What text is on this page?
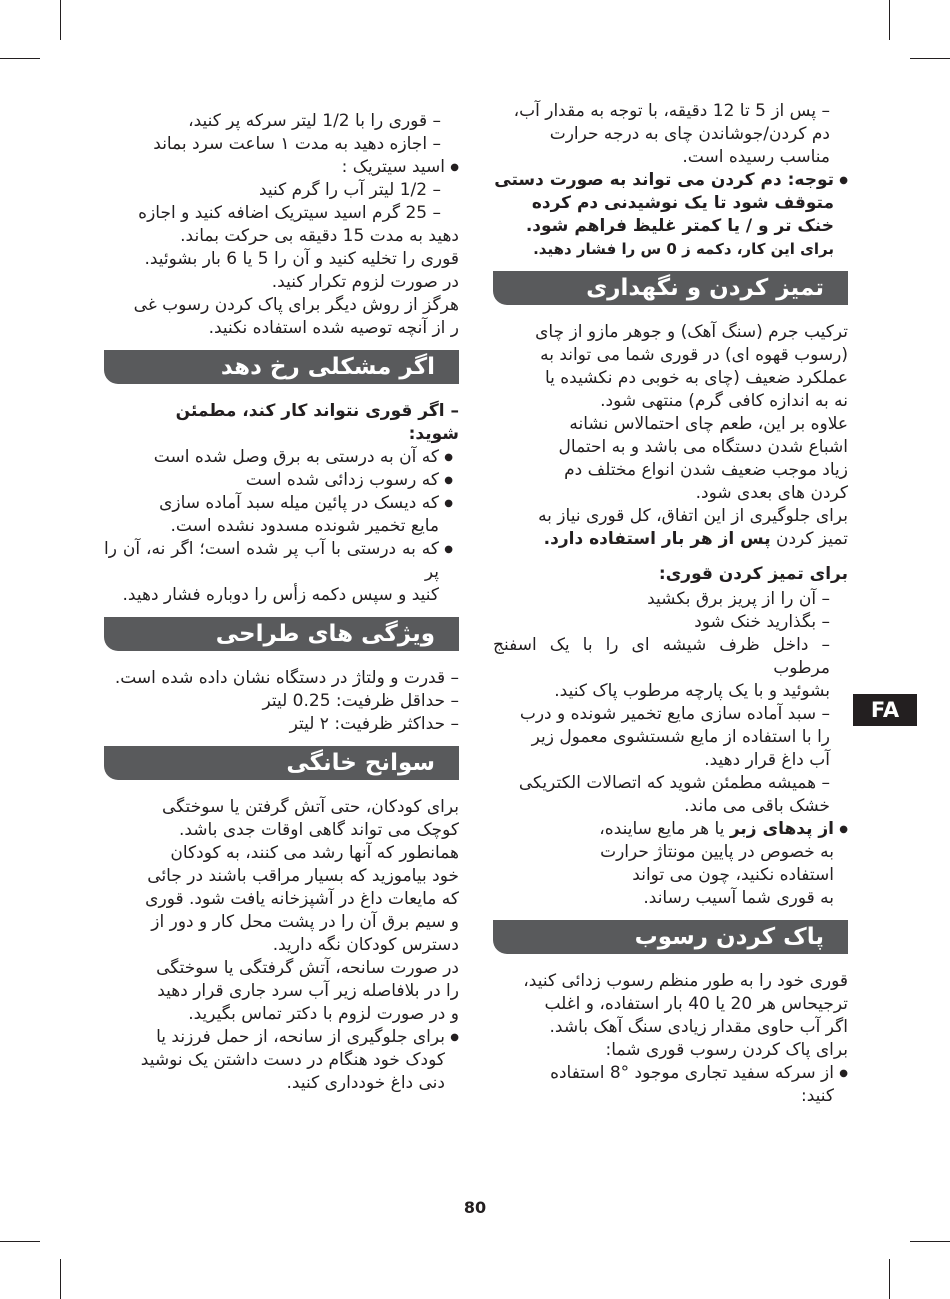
– پس از 5 تا 12 دقیقه، با توجه به مقدار آب،

دم کردن/جوشاندن چای به درجه حرارت

مناسب رسیده است.

● توجه: دم کردن می تواند به صورت دستی

متوقف شود تا یک نوشیدنی دم کرده

خنک تر و / یا کمتر غلیظ فراهم شود.

برای این کار، دکمه ز 0 س را فشار دهید.

تمیز کردن و نگهداری

ترکیب جرم (سنگ آهک) و جوهر مازو از چای

(رسوب قهوه ای) در قوری شما می تواند به

عملکرد ضعیف (چای به خوبی دم نکشیده یا

نه به اندازه کافی گرم) منتهی شود.

علاوه بر این، طعم چای احتمالاس نشانه

اشباع شدن دستگاه می باشد و به احتمال

زیاد موجب ضعیف شدن انواع مختلف دم

کردن های بعدی شود.

برای جلوگیری از این اتفاق، کل قوری نیاز به

تمیز کردن پس از هر بار استفاده دارد.

برای تمیز کردن قوری:

– آن را از پریز برق بکشید

– بگذارید خنک شود

– داخل ظرف شیشه ای را با یک اسفنج مرطوب

بشوئید و با یک پارچه مرطوب پاک کنید.

– سبد آماده سازی مایع تخمیر شونده و درب

را با استفاده از مایع شستشوی معمول زیر

آب داغ قرار دهید.

– همیشه مطمئن شوید که اتصالات الکتریکی

خشک باقی می ماند.

● از پدهای زبر یا هر مایع ساینده،

به خصوص در پایین مونتاژ حرارت

استفاده نکنید، چون می تواند

به قوری شما آسیب رساند.

پاک کردن رسوب

قوری خود را به طور منظم رسوب زدائی کنید،

ترجیحاس هر 20 یا 40 بار استفاده، و اغلب

اگر آب حاوی مقدار زیادی سنگ آهک باشد.

برای پاک کردن رسوب قوری شما:

● از سرکه سفید تجاری موجود °8 استفاده

کنید:

– قوری را با 1/2 لیتر سرکه پر کنید،

– اجازه دهید به مدت ۱ ساعت سرد بماند

● اسید سیتریک :

– 1/2 لیتر آب را گرم کنید

– 25 گرم اسید سیتریک اضافه کنید و اجازه

دهید به مدت 15 دقیقه بی حرکت بماند.

قوری را تخلیه کنید و آن را 5 یا 6 بار بشوئید.

در صورت لزوم تکرار کنید.

هرگز از روش دیگر برای پاک کردن رسوب غی

ر از آنچه توصیه شده استفاده نکنید.

اگر مشکلی رخ دهد

– اگر قوری نتواند کار کند، مطمئن

شوید:

● که آن به درستی به برق وصل شده است

● که رسوب زدائی شده است

● که دیسک در پائین میله سبد آماده سازی

مایع تخمیر شونده مسدود نشده است.

● که به درستی با آب پر شده است؛ اگر نه، آن را پر

کنید و سپس دکمه زأس را دوباره فشار دهید.

ویژگی های طراحی

– قدرت و ولتاژ در دستگاه نشان داده شده است.

– حداقل ظرفیت: 0.25 لیتر

– حداکثر ظرفیت: ۲ لیتر

سوانح خانگی

برای کودکان، حتی آتش گرفتن یا سوختگی

کوچک می تواند گاهی اوقات جدی باشد.

همانطور که آنها رشد می کنند، به کودکان

خود بیاموزید که بسیار مراقب باشند در جائی

که مایعات داغ در آشپزخانه یافت شود. قوری

و سیم برق آن را در پشت محل کار و دور از

دسترس کودکان نگه دارید.

در صورت سانحه، آتش گرفتگی یا سوختگی

را در بلافاصله زیر آب سرد جاری قرار دهید

و در صورت لزوم با دکتر تماس بگیرید.

● برای جلوگیری از سانحه، از حمل فرزند یا

کودک خود هنگام در دست داشتن یک نوشید

دنی داغ خودداری کنید.

FA
80
